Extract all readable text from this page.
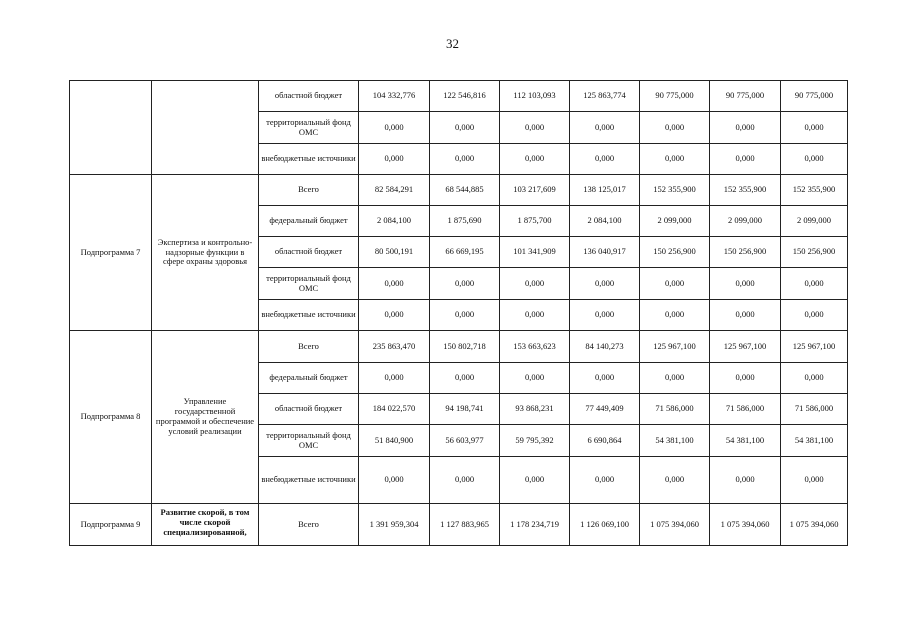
32
		областной бюджет	104 332,776	122 546,816	112 103,093	125 863,774	90 775,000	90 775,000	90 775,000
		территориальный фонд ОМС	0,000	0,000	0,000	0,000	0,000	0,000	0,000
		внебюджетные источники	0,000	0,000	0,000	0,000	0,000	0,000	0,000
Подпрограмма 7	Экспертиза и контрольно-надзорные функции в сфере охраны здоровья	Всего	82 584,291	68 544,885	103 217,609	138 125,017	152 355,900	152 355,900	152 355,900
		федеральный бюджет	2 084,100	1 875,690	1 875,700	2 084,100	2 099,000	2 099,000	2 099,000
		областной бюджет	80 500,191	66 669,195	101 341,909	136 040,917	150 256,900	150 256,900	150 256,900
		территориальный фонд ОМС	0,000	0,000	0,000	0,000	0,000	0,000	0,000
		внебюджетные источники	0,000	0,000	0,000	0,000	0,000	0,000	0,000
Подпрограмма 8	Управление государственной программой и обеспечение условий реализации	Всего	235 863,470	150 802,718	153 663,623	84 140,273	125 967,100	125 967,100	125 967,100
		федеральный бюджет	0,000	0,000	0,000	0,000	0,000	0,000	0,000
		областной бюджет	184 022,570	94 198,741	93 868,231	77 449,409	71 586,000	71 586,000	71 586,000
		территориальный фонд ОМС	51 840,900	56 603,977	59 795,392	6 690,864	54 381,100	54 381,100	54 381,100
		внебюджетные источники	0,000	0,000	0,000	0,000	0,000	0,000	0,000
Подпрограмма 9	Развитие скорой, в том числе скорой специализированной,	Всего	1 391 959,304	1 127 883,965	1 178 234,719	1 126 069,100	1 075 394,060	1 075 394,060	1 075 394,060
